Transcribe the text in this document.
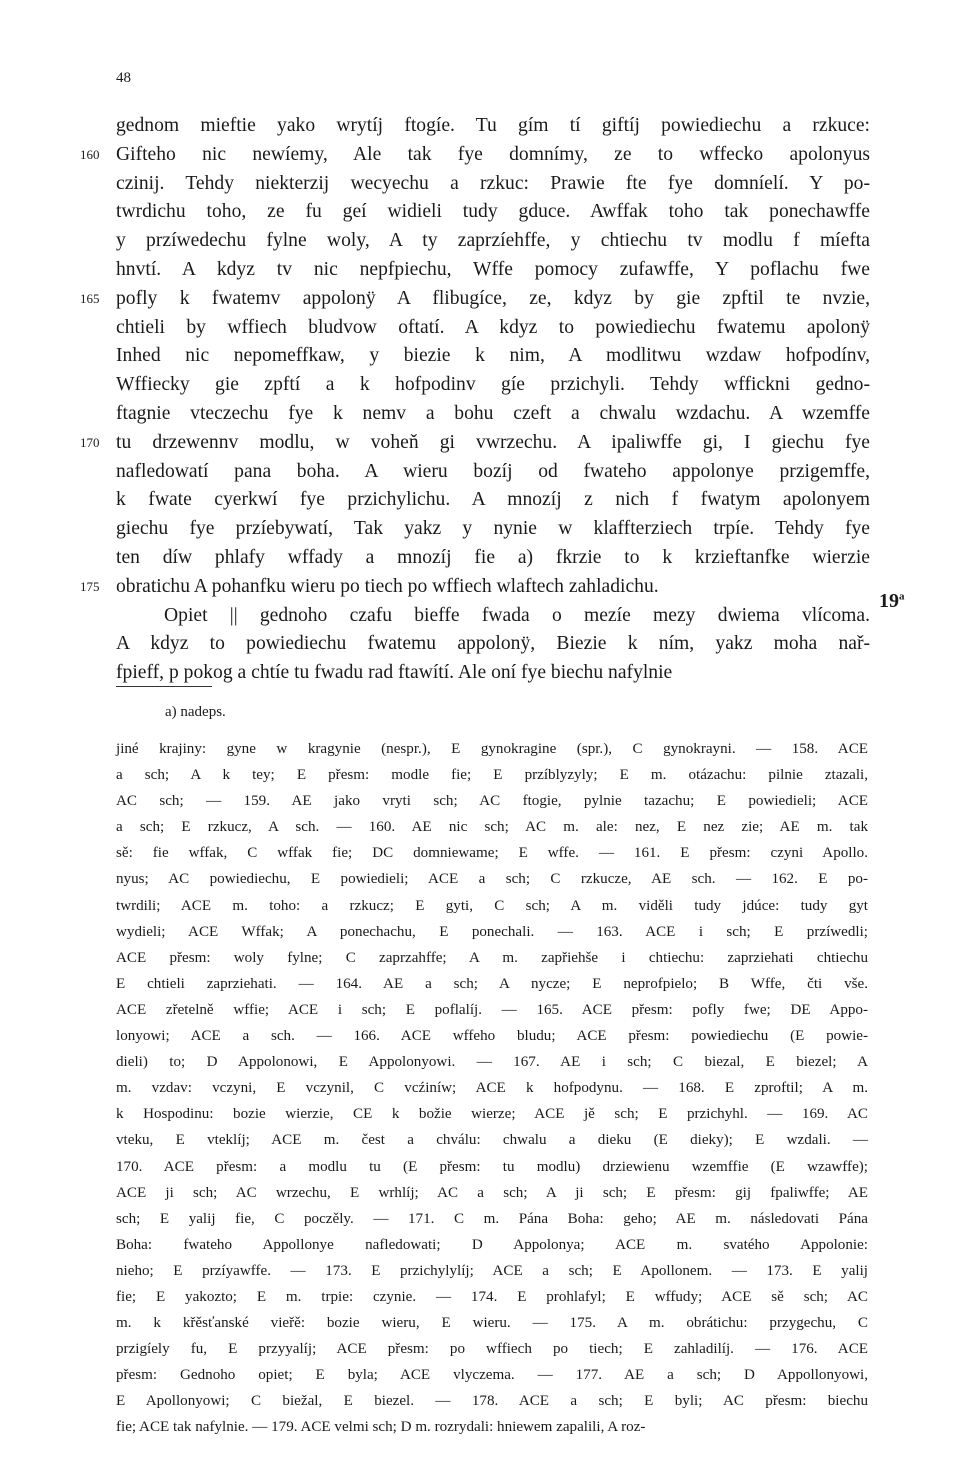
48
gednom mieftie yako wrytíj ftogíe. Tu gím tí giftíj powiediechu a rzkuce:
Gifteho nic newíemy, Ale tak fye domnímy, ze to wffecko apolonyus
160
czinij. Tehdy niekterzij wecyechu a rzkuc: Prawie fte fye domníelí. Y po-
twrdichu toho, ze fu geí widieli tudy gduce. Awffak toho tak ponechawffe
y przíwedechu fylne woly, A ty zaprzíehffe, y chtiechu tv modlu f míefta
hnvtí. A kdyz tv nic nepfpiechu, Wffe pomocy zufawffe, Y poflachu fwe
pofly k fwatemv appolonÿ A flibugíce, ze, kdyz by gie zpftil te nvzie,
165
chtieli by wffiech bludvow oftatí. A kdyz to powiediechu fwatemu apolonÿ
Inhed nic nepomeffkaw, y biezie k nim, A modlitwu wzdaw hofpodínv,
Wffiecky gie zpftí a k hofpodinv gíe przichyli. Tehdy wffickni gedno-
ftagnie vteczechu fye k nemv a bohu czeft a chwalu wzdachu. A wzemffe
tu drzewennv modlu, w voheň gi vwrzechu. A ipaliwffe gi, I giechu fye
170
nafledowatí pana boha. A wieru bozíj od fwateho appolonye przigemffe,
k fwate cyerkwí fye przichylichu. A mnozíj z nich f fwatym apolonyem
giechu fye przíebywatí, Tak yakz y nynie w klaffterziech trpíe. Tehdy fye
ten díw phlafy wffady a mnozíj fie a) fkrzie to k krzieftanfke wierzie
obratichu A pohanfku wieru po tiech po wffiech wlaftech zahladichu.
175
Opiet || gednoho czafu bieffe fwada o mezíe mezy dwiema vlícoma.
A kdyz to powiediechu fwatemu appolonÿ, Biezie k ním, yakz moha nař-
fpieff, p pokog a chtíe tu fwadu rad ftawítí. Ale oní fye biechu nafylnie
19$^a$
a) nadeps.
jiné krajiny: gyne w kragynie (nespr.), E gynokragine (spr.), C gynokrayni. — 158. ACE
a sch; A k tey; E přesm: modle fie; E przíblyzyly; E m. otázachu: pilnie ztazali,
AC sch; — 159. AE jako vryti sch; AC ftogie, pylnie tazachu; E powiedieli; ACE
a sch; E rzkucz, A sch. — 160. AE nic sch; AC m. ale: nez, E nez zie; AE m. tak
sě: fie wffak, C wffak fie; DC domniewame; E wffe. — 161. E přesm: czyni Apollo.
nyus; AC powiediechu, E powiedieli; ACE a sch; C rzkucze, AE sch. — 162. E po-
twrdili; ACE m. toho: a rzkucz; E gyti, C sch; A m. viděli tudy jdúce: tudy gyt
wydieli; ACE Wffak; A ponechachu, E ponechali. — 163. ACE i sch; E przíwedli;
ACE přesm: woly fylne; C zaprzahffe; A m. zapřiehše i chtiechu: zaprziehati chtiechu
E chtieli zaprziehati. — 164. AE a sch; A nycze; E neprofpielo; B Wffe, čti vše.
ACE zřetelně wffie; ACE i sch; E poflalíj. — 165. ACE přesm: pofly fwe; DE Appo-
lonyowi; ACE a sch. — 166. ACE wffeho bludu; ACE přesm: powiediechu (E powie-
dieli) to; D Appolonowi, E Appolonyowi. — 167. AE i sch; C biezal, E biezel; A
m. vzdav: vczyni, E vczynil, C vcźiníw; ACE k hofpodynu. — 168. E zproftil; A m.
k Hospodinu: bozie wierzie, CE k božie wierze; ACE jě sch; E przichyhl. — 169. AC
vteku, E vteklíj; ACE m. čest a chválu: chwalu a dieku (E dieky); E wzdali. —
170. ACE přesm: a modlu tu (E přesm: tu modlu) drziewienu wzemffie (E wzawffe);
ACE ji sch; AC wrzechu, E wrhlíj; AC a sch; A ji sch; E přesm: gij fpaliwffe; AE
sch; E yalij fie, C poczěly. — 171. C m. Pána Boha: geho; AE m. následovati Pána
Boha: fwateho Appollonye nafledowati; D Appolonya; ACE m. svatého Appolonie:
nieho; E przíyawffe. — 173. E przichylylíj; ACE a sch; E Apollonem. — 173. E yalij
fie; E yakozto; E m. trpie: czynie. — 174. E prohlafyl; E wffudy; ACE sě sch; AC
m. k křěsťanské vieřě: bozie wieru, E wieru. — 175. A m. obrátichu: przygechu, C
przigíely fu, E przyyalíj; ACE přesm: po wffiech po tiech; E zahladilíj. — 176. ACE
přesm: Gednoho opiet; E byla; ACE vlyczema. — 177. AE a sch; D Appollonyowi,
E Apollonyowi; C biežal, E biezel. — 178. ACE a sch; E byli; AC přesm: biechu
fie; ACE tak nafylnie. — 179. ACE velmi sch; D m. rozrydali: hniewem zapalili, A roz-
